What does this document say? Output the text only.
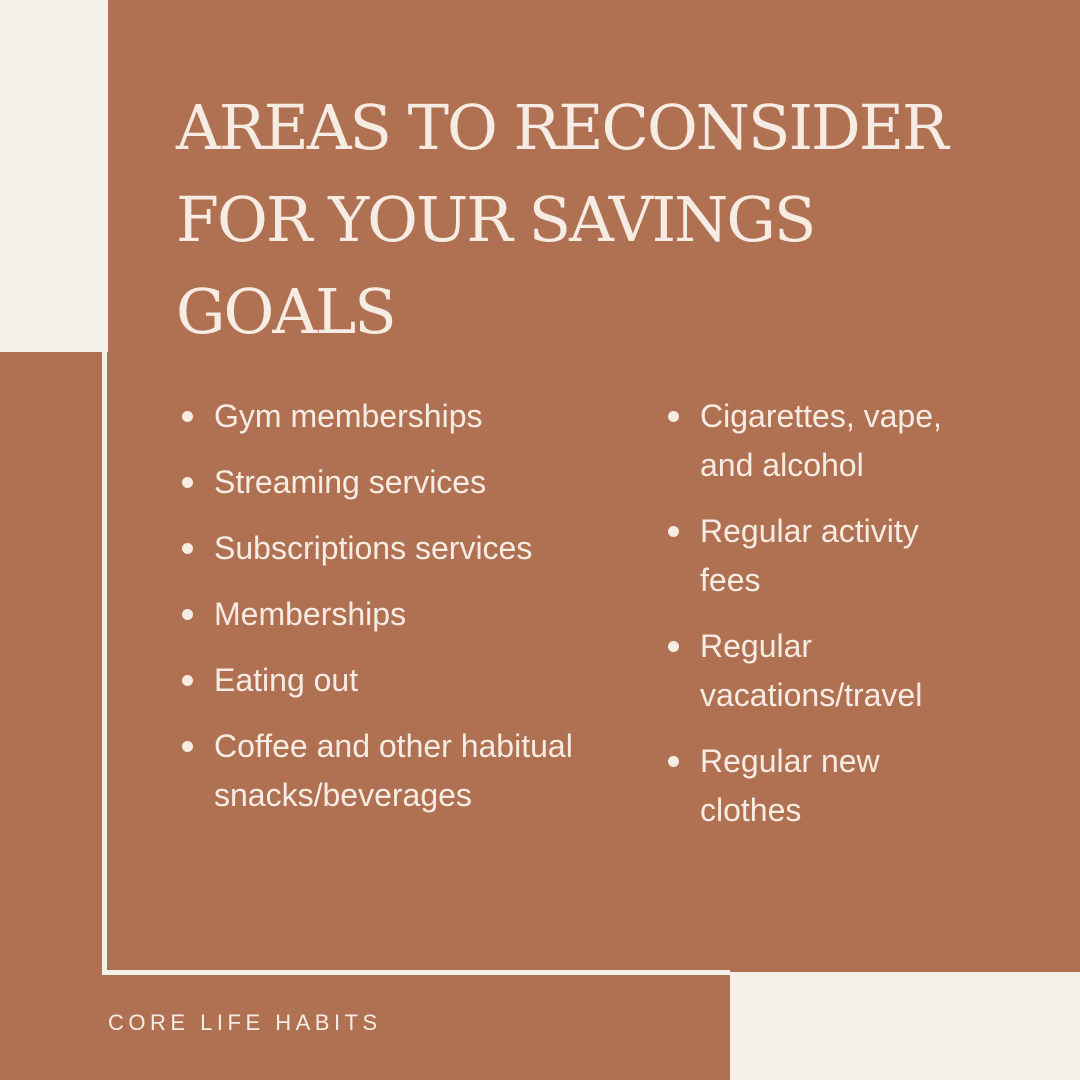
AREAS TO RECONSIDER
FOR YOUR SAVINGS
GOALS
Gym memberships
Streaming services
Subscriptions services
Memberships
Eating out
Coffee and other habitual snacks/beverages
Cigarettes, vape, and alcohol
Regular activity fees
Regular vacations/travel
Regular new clothes
CORE LIFE HABITS
